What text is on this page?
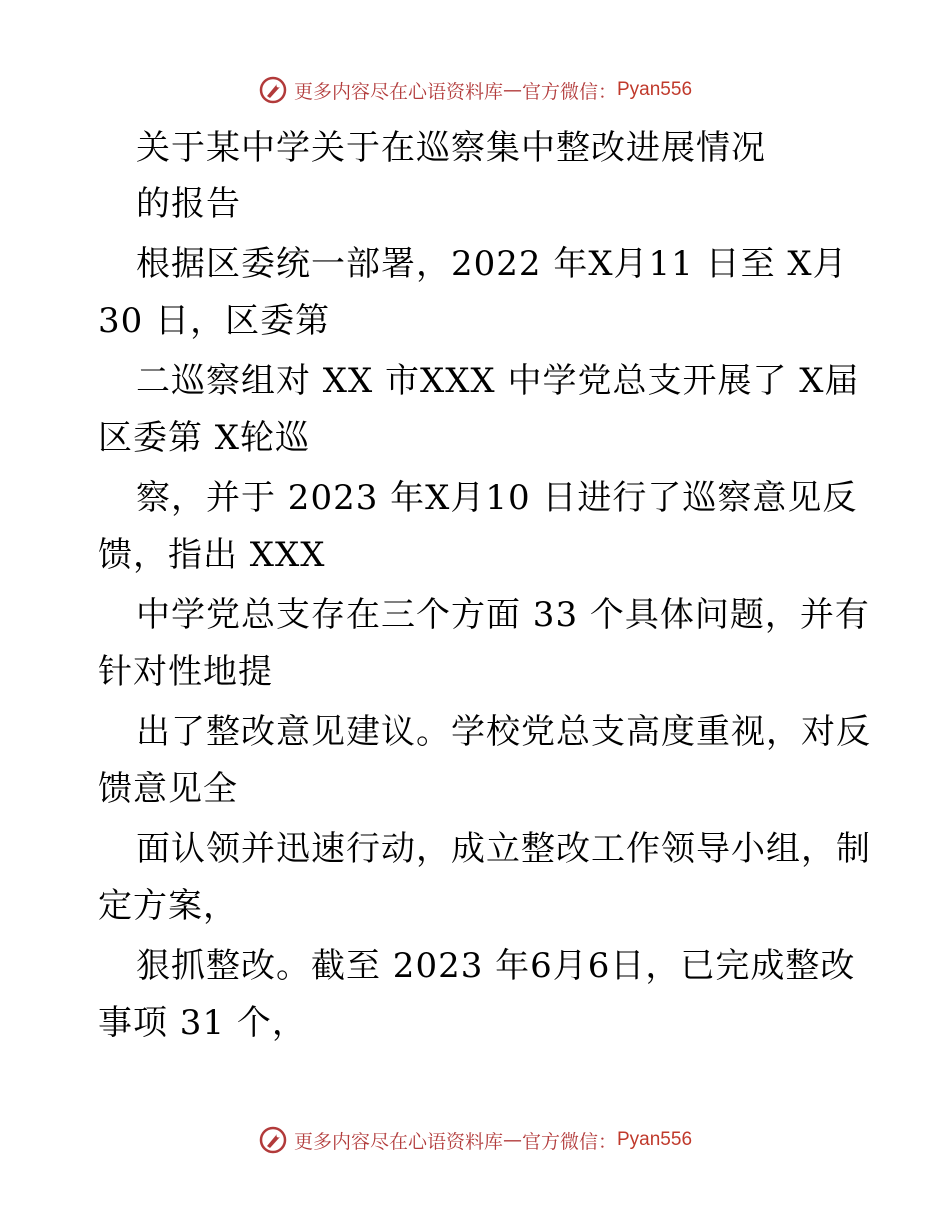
更多内容尽在心语资料库 — 官方微信： Pyan556
关于某中学关于在巡察集中整改进展情况
的报告
根据区委统一部署，2022 年X月11 日至 X月
30 日，区委第
二巡察组对 XX 市XXX 中学党总支开展了 X届
区委第 X轮巡
察，并于 2023 年X月10 日进行了巡察意见反
馈，指出 XXX
中学党总支存在三个方面 33 个具体问题，并有
针对性地提
出了整改意见建议。学校党总支高度重视，对反
馈意见全
面认领并迅速行动，成立整改工作领导小组，制
定方案，
狠抓整改。截至 2023 年6月6日，已完成整改
事项 31 个，
更多内容尽在心语资料库 — 官方微信： Pyan556
